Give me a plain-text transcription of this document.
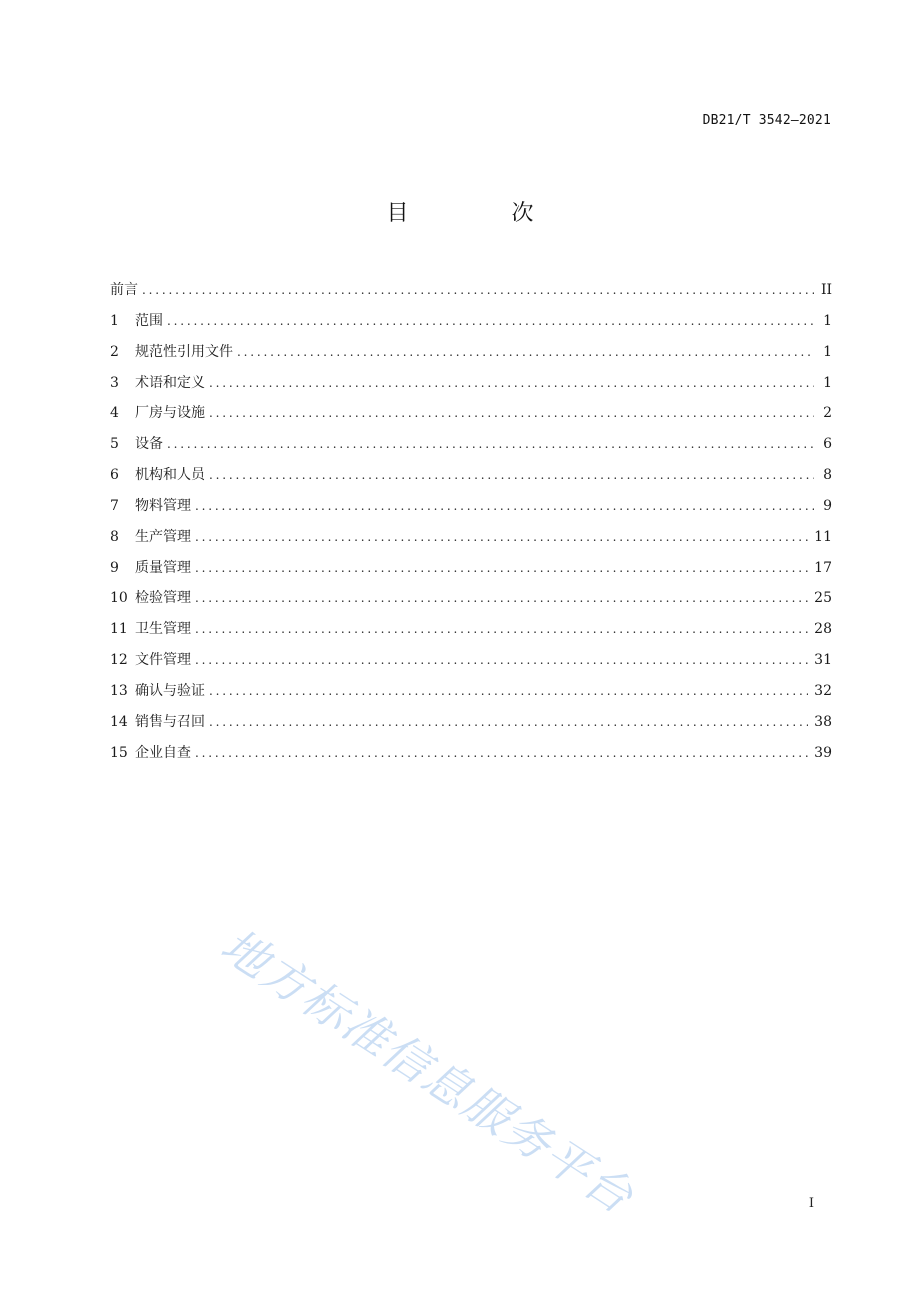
DB21/T 3542—2021
目 次
前言 . . .	II
1	范围 . . .	1
2	规范性引用文件 . . .	1
3	术语和定义 . . .	1
4	厂房与设施 . . .	2
5	设备 . . .	6
6	机构和人员 . . .	8
7	物料管理 . . .	9
8	生产管理 . . .	11
9	质量管理 . . .	17
10 检验管理 . . .	25
11 卫生管理 . . .	28
12 文件管理 . . .	31
13 确认与验证 . . .	32
14 销售与召回 . . .	38
15 企业自查 . . .	39
地方标准信息服务平台	I
